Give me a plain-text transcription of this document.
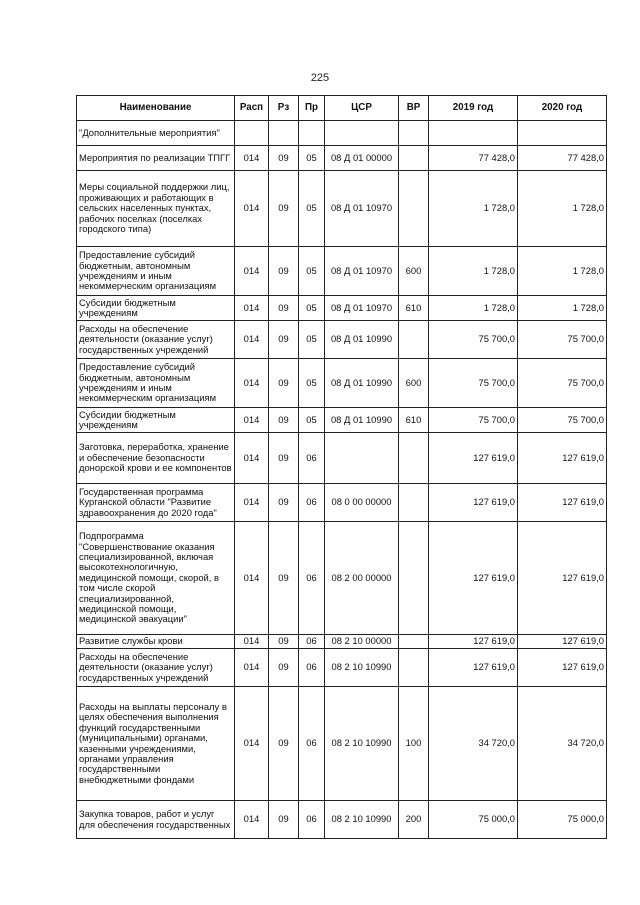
225
Наименование	Расп	Рз	Пр	ЦСР	ВР	2019 год	2020 год
"Дополнительные мероприятия"							
Мероприятия по реализации ТПГГ	014	09	05	08 Д 01 00000		77 428,0	77 428,0
Меры социальной поддержки лиц, проживающих и работающих в сельских населенных пунктах, рабочих поселках (поселках городского типа)	014	09	05	08 Д 01 10970		1 728,0	1 728,0
Предоставление субсидий бюджетным, автономным учреждениям и иным некоммерческим организациям	014	09	05	08 Д 01 10970	600	1 728,0	1 728,0
Субсидии бюджетным учреждениям	014	09	05	08 Д 01 10970	610	1 728,0	1 728,0
Расходы на обеспечение деятельности (оказание услуг) государственных учреждений	014	09	05	08 Д 01 10990		75 700,0	75 700,0
Предоставление субсидий бюджетным, автономным учреждениям и иным некоммерческим организациям	014	09	05	08 Д 01 10990	600	75 700,0	75 700,0
Субсидии бюджетным учреждениям	014	09	05	08 Д 01 10990	610	75 700,0	75 700,0
Заготовка, переработка, хранение и обеспечение безопасности донорской крови и ее компонентов	014	09	06			127 619,0	127 619,0
Государственная программа Курганской области "Развитие здравоохранения до 2020 года"	014	09	06	08 0 00 00000		127 619,0	127 619,0
Подпрограмма "Совершенствование оказания специализированной, включая высокотехнологичную, медицинской помощи, скорой, в том числе скорой специализированной, медицинской помощи, медицинской эвакуации"	014	09	06	08 2 00 00000		127 619,0	127 619,0
Развитие службы крови	014	09	06	08 2 10 00000		127 619,0	127 619,0
Расходы на обеспечение деятельности (оказание услуг) государственных учреждений	014	09	06	08 2 10 10990		127 619,0	127 619,0
Расходы на выплаты персоналу в целях обеспечения выполнения функций государственными (муниципальными) органами, казенными учреждениями, органами управления государственными внебюджетными фондами	014	09	06	08 2 10 10990	100	34 720,0	34 720,0
Закупка товаров, работ и услуг для обеспечения государственных	014	09	06	08 2 10 10990	200	75 000,0	75 000,0
